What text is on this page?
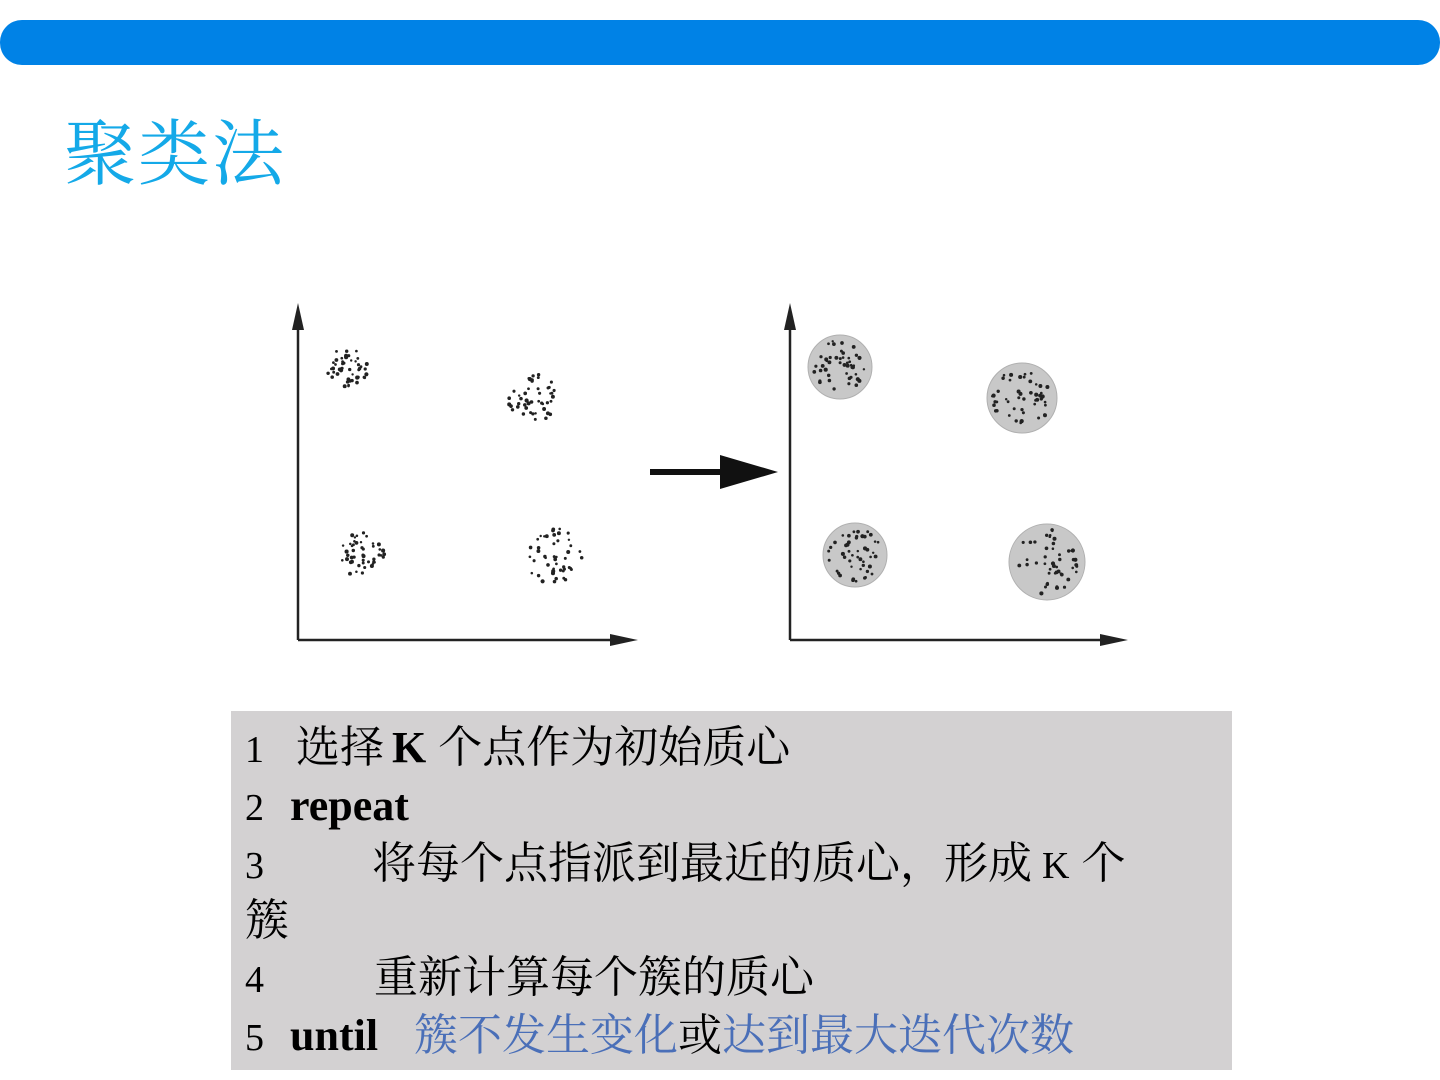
聚类法
1 选择 K 个点作为初始质心
2 repeat
3 将每个点指派到最近的质心，形成 K 个
簇
4	重新计算每个簇的质心
5 until 簇不发生变化或达到最大迭代次数
